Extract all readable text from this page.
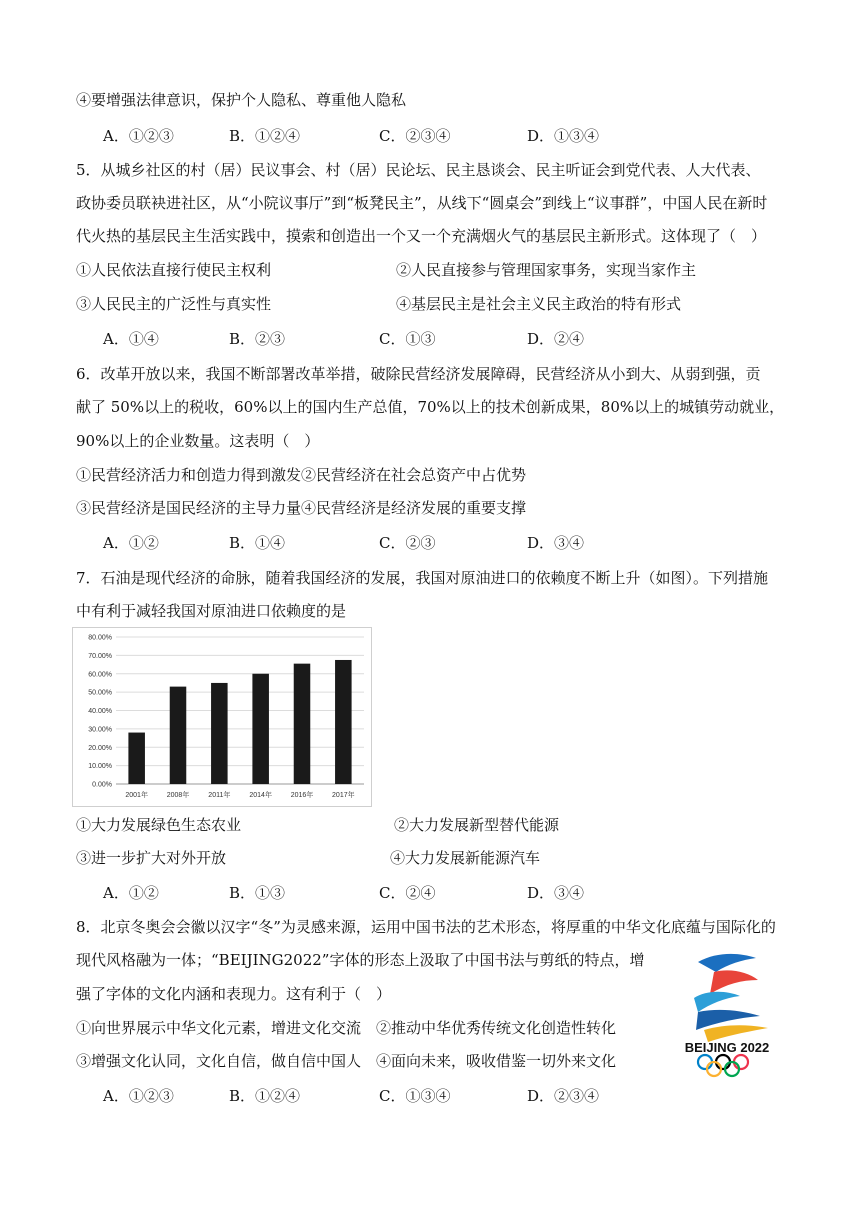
④要增强法律意识，保护个人隐私、尊重他人隐私
A．①②③	B．①②④	C．②③④	D．①③④
5．从城乡社区的村（居）民议事会、村（居）民论坛、民主恳谈会、民主听证会到党代表、人大代表、
政协委员联袂进社区，从“小院议事厅”到“板凳民主”，从线下“圆桌会”到线上“议事群”，中国人民在新时
代火热的基层民主生活实践中，摸索和创造出一个又一个充满烟火气的基层民主新形式。这体现了（　）
①人民依法直接行使民主权利	②人民直接参与管理国家事务，实现当家作主
③人民民主的广泛性与真实性	④基层民主是社会主义民主政治的特有形式
A．①④	B．②③	C．①③	D．②④
6．改革开放以来，我国不断部署改革举措，破除民营经济发展障碍，民营经济从小到大、从弱到强，贡
献了 50%以上的税收，60%以上的国内生产总值，70%以上的技术创新成果，80%以上的城镇劳动就业，
90%以上的企业数量。这表明（　）
①民营经济活力和创造力得到激发②民营经济在社会总资产中占优势
③民营经济是国民经济的主导力量④民营经济是经济发展的重要支撑
A．①②	B．①④	C．②③	D．③④
7．石油是现代经济的命脉，随着我国经济的发展，我国对原油进口的依赖度不断上升（如图）。下列措施
中有利于减轻我国对原油进口依赖度的是
0.00%
10.00%
20.00%
30.00%
40.00%
50.00%
60.00%
70.00%
80.00%
2001年	2008年	2011年	2014年	2016年	2017年
①大力发展绿色生态农业	②大力发展新型替代能源
③进一步扩大对外开放	④大力发展新能源汽车
A．①②	B．①③	C．②④	D．③④
8．北京冬奥会会徽以汉字“冬”为灵感来源，运用中国书法的艺术形态，将厚重的中华文化底蕴与国际化的
现代风格融为一体；“BEIJING2022”字体的形态上汲取了中国书法与剪纸的特点，增
强了字体的文化内涵和表现力。这有利于（　）
①向世界展示中华文化元素，增进文化交流 ②推动中华优秀传统文化创造性转化
③增强文化认同，文化自信，做自信中国人 ④面向未来，吸收借鉴一切外来文化
A．①②③	B．①②④	C．①③④	D．②③④
BEIJING 2022
